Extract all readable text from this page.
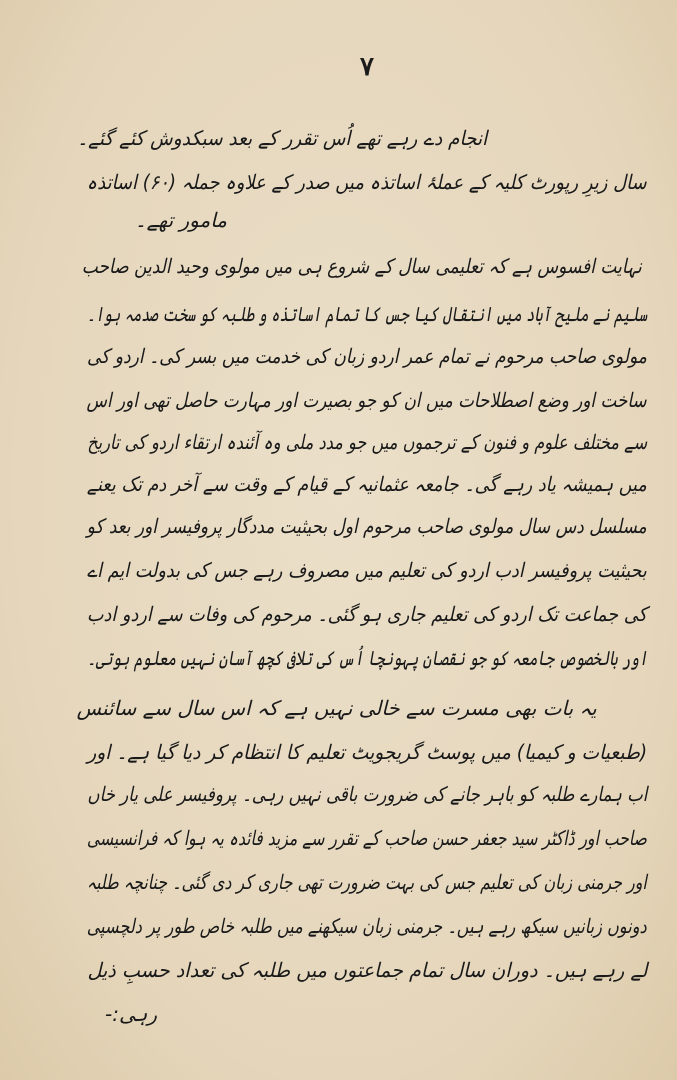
۷
انجام دے رہے تھے اُس تقرر کے بعد سبکدوش کئے گئے۔
سال زیرِ رپورٹ کلیہ کے عملۂ اساتذہ میں صدر کے علاوہ جملہ (۶۰) اساتذہ
مامور تھے۔
نہایت افسوس ہے کہ تعلیمی سال کے شروع ہی میں مولوی وحید الدین صاحب
سلیم نے ملیح آباد میں انتقال کیا جس کا تمام اساتذہ و طلبہ کو سخت صدمہ ہوا۔
مولوی صاحب مرحوم نے تمام عمر اردو زبان کی خدمت میں بسر کی۔ اردو کی
ساخت اور وضع اصطلاحات میں ان کو جو بصیرت اور مہارت حاصل تھی اور اس
سے مختلف علوم و فنون کے ترجموں میں جو مدد ملی وہ آئندہ ارتقاء اردو کی تاریخ
میں ہمیشہ یاد رہے گی۔ جامعہ عثمانیہ کے قیام کے وقت سے آخر دم تک یعنے
مسلسل دس سال مولوی صاحب مرحوم اول بحیثیت مددگار پروفیسر اور بعد کو
بحیثیت پروفیسر ادب اردو کی تعلیم میں مصروف رہے جس کی بدولت ایم اے
کی جماعت تک اردو کی تعلیم جاری ہو گئی۔ مرحوم کی وفات سے اردو ادب
اور بالخصوص جامعہ کو جو نقصان پہونچا اُس کی تلافی کچھ آسان نہیں معلوم ہوتی۔
یہ بات بھی مسرت سے خالی نہیں ہے کہ اس سال سے سائنس
(طبعیات و کیمیا) میں پوسٹ گریجویٹ تعلیم کا انتظام کر دیا گیا ہے۔ اور
اب ہمارے طلبہ کو باہر جانے کی ضرورت باقی نہیں رہی۔ پروفیسر علی یار خاں
صاحب اور ڈاکٹر سید جعفر حسن صاحب کے تقرر سے مزید فائدہ یہ ہوا کہ فرانسیسی
اور جرمنی زبان کی تعلیم جس کی بہت ضرورت تھی جاری کر دی گئی۔ چنانچہ طلبہ
دونوں زبانیں سیکھ رہے ہیں۔ جرمنی زبان سیکھنے میں طلبہ خاص طور پر دلچسپی
لے رہے ہیں۔ دوران سال تمام جماعتوں میں طلبہ کی تعداد حسبِ ذیل
رہی:-
